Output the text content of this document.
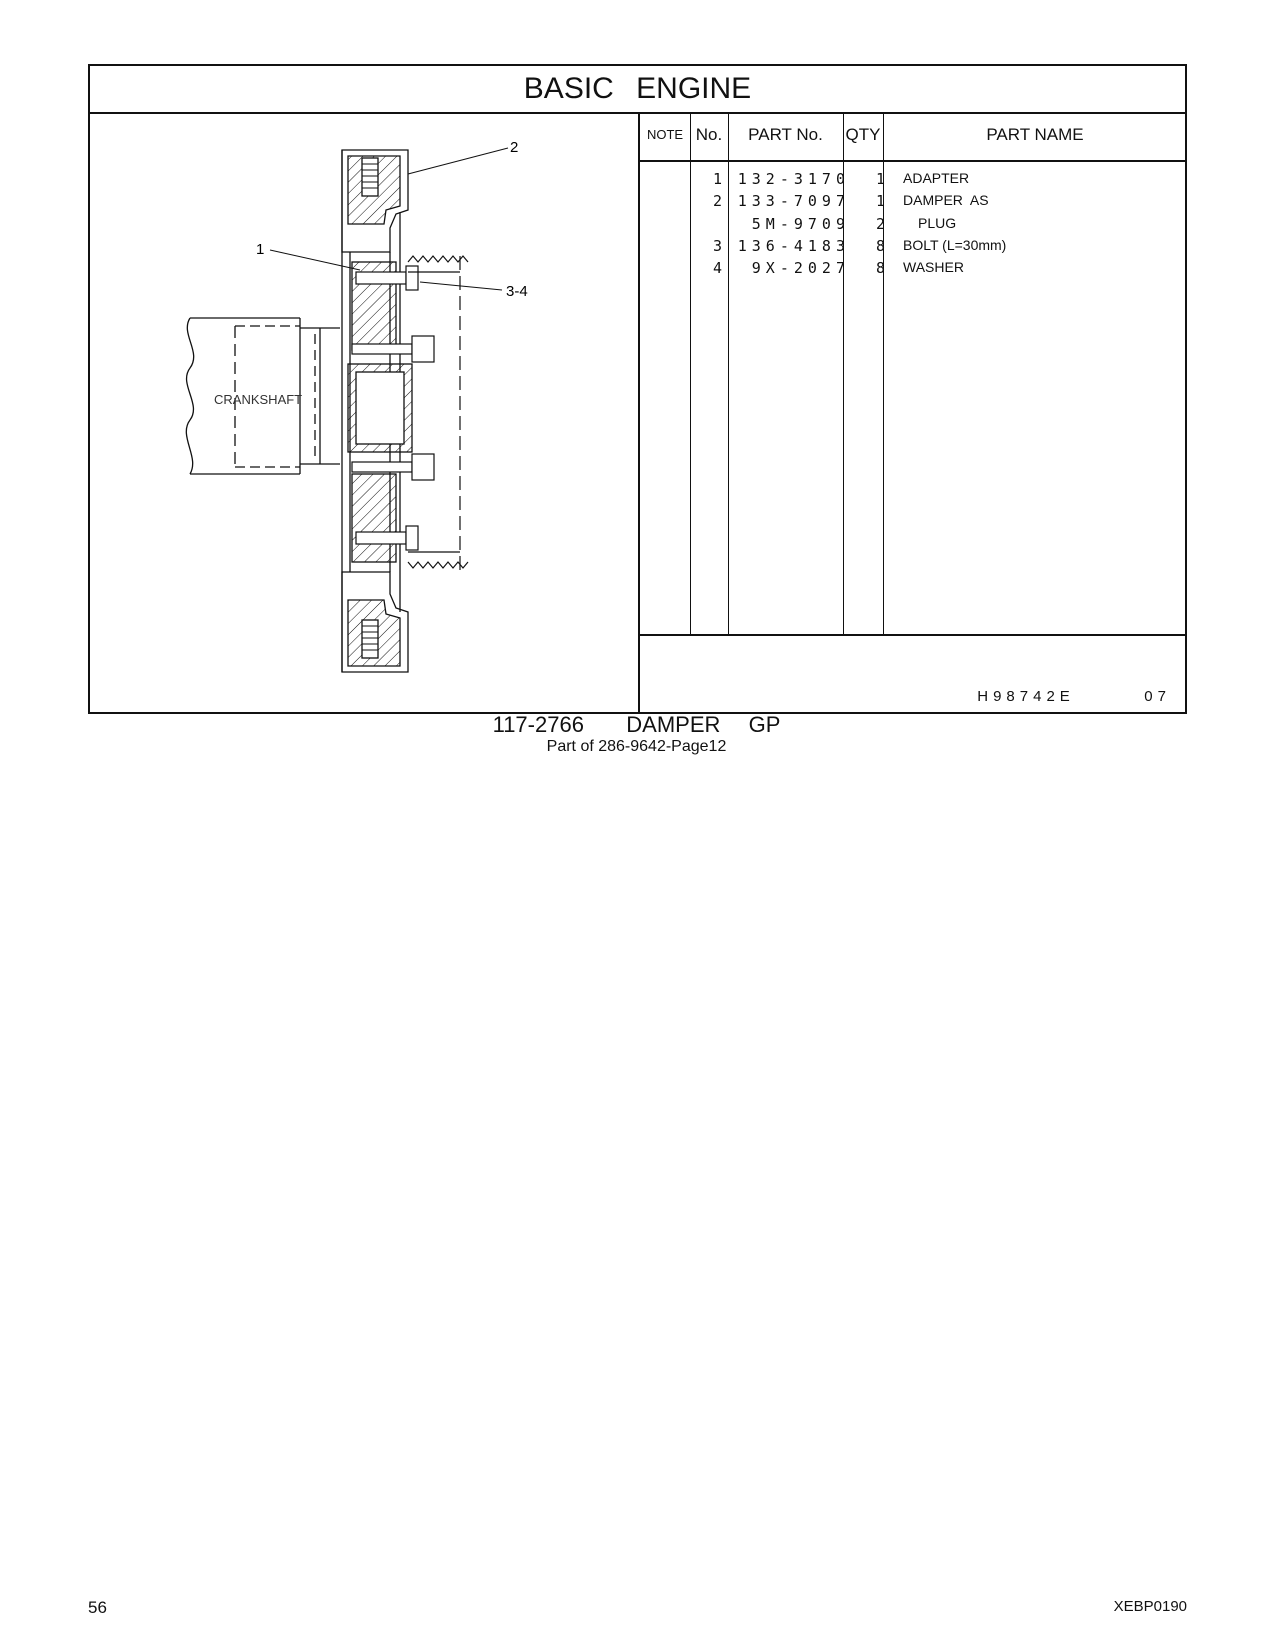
BASIC ENGINE
CRANKSHAFT
2
1
3-4
NOTE No.	PART No.	QTY	PART NAME
1	132-3170	1 ADAPTER
2	133-7097	1 DAMPER  AS
5M-9709	2	PLUG
3	136-4183	8 BOLT (L=30mm)
4	9X-2027	8 WASHER
H98742E   07
117-2766   DAMPER  GP
Part of 286-9642-Page12
56	XEBP0190
